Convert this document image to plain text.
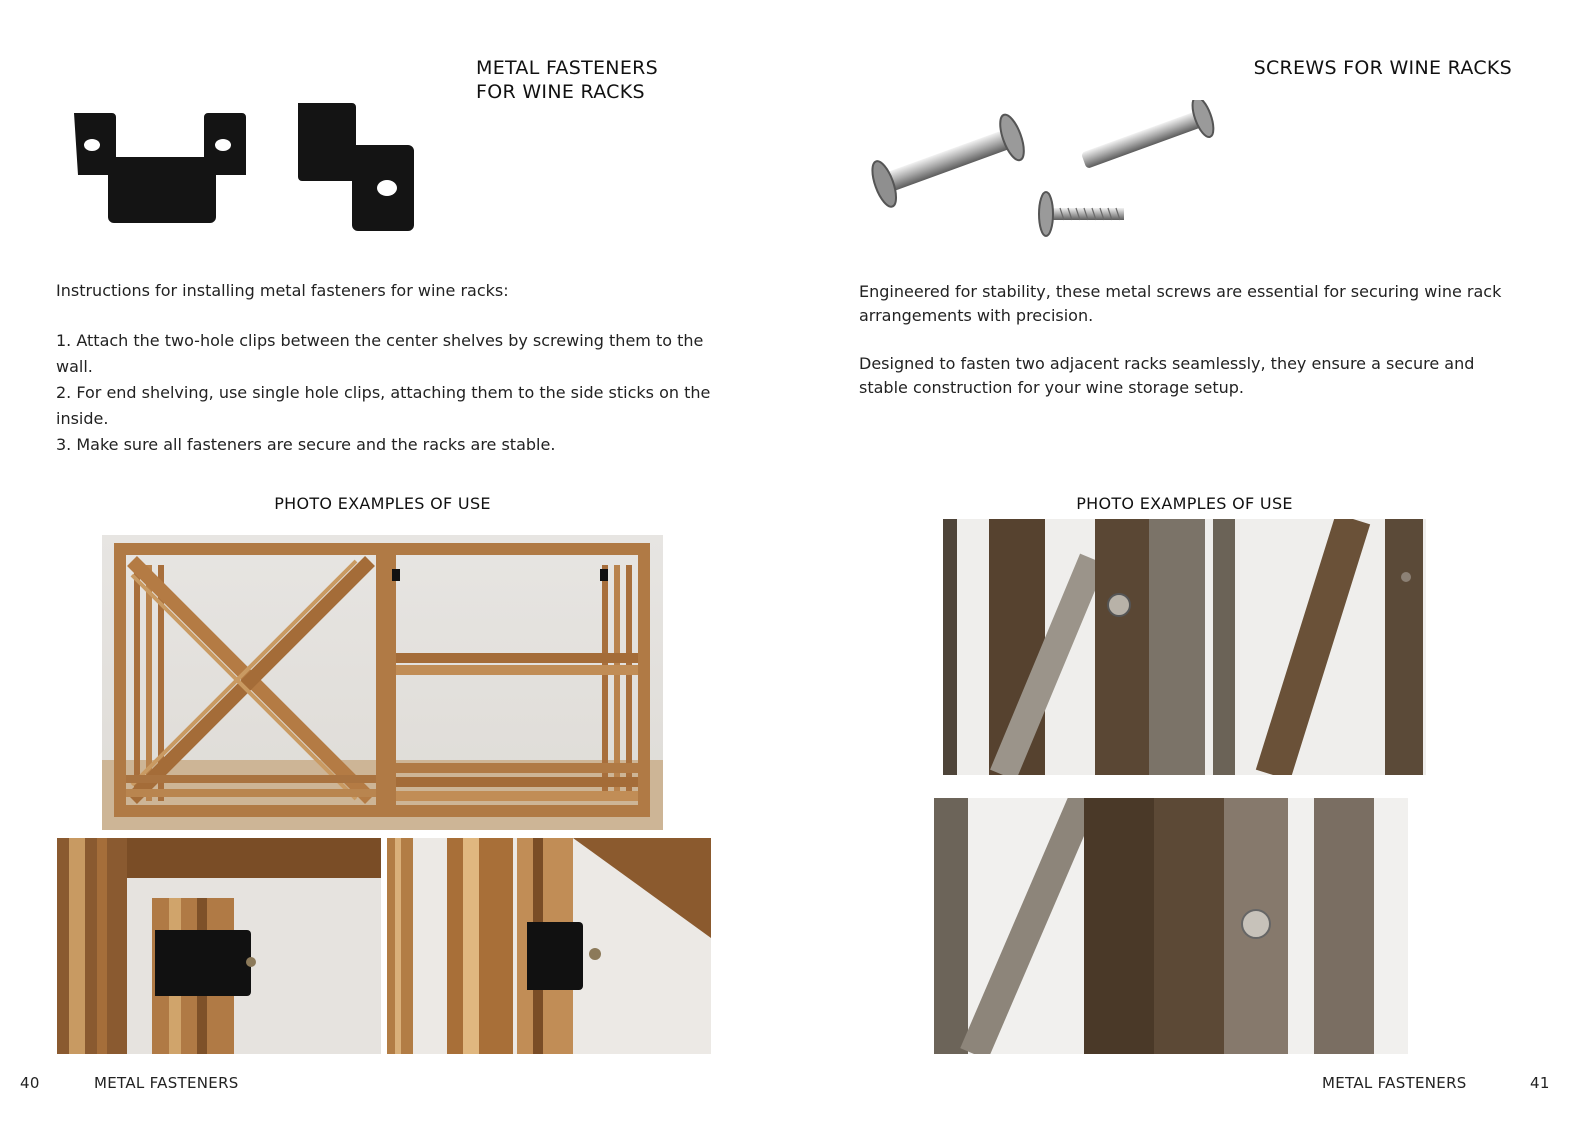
METAL FASTENERS
FOR WINE RACKS

Instructions for installing metal fasteners for wine racks:

1. Attach the two-hole clips between the center shelves by screwing them to the wall.

2. For end shelving, use single hole clips, attaching them to the side sticks on the inside.

3. Make sure all fasteners are secure and the racks are stable.

PHOTO EXAMPLES OF USE
40	METAL FASTENERS
SCREWS FOR WINE RACKS

Engineered for stability, these metal screws are essential for securing wine rack arrangements with precision.

Designed to fasten two adjacent racks seamlessly, they ensure a secure and stable construction for your wine storage setup.

PHOTO EXAMPLES OF USE
METAL FASTENERS	41
